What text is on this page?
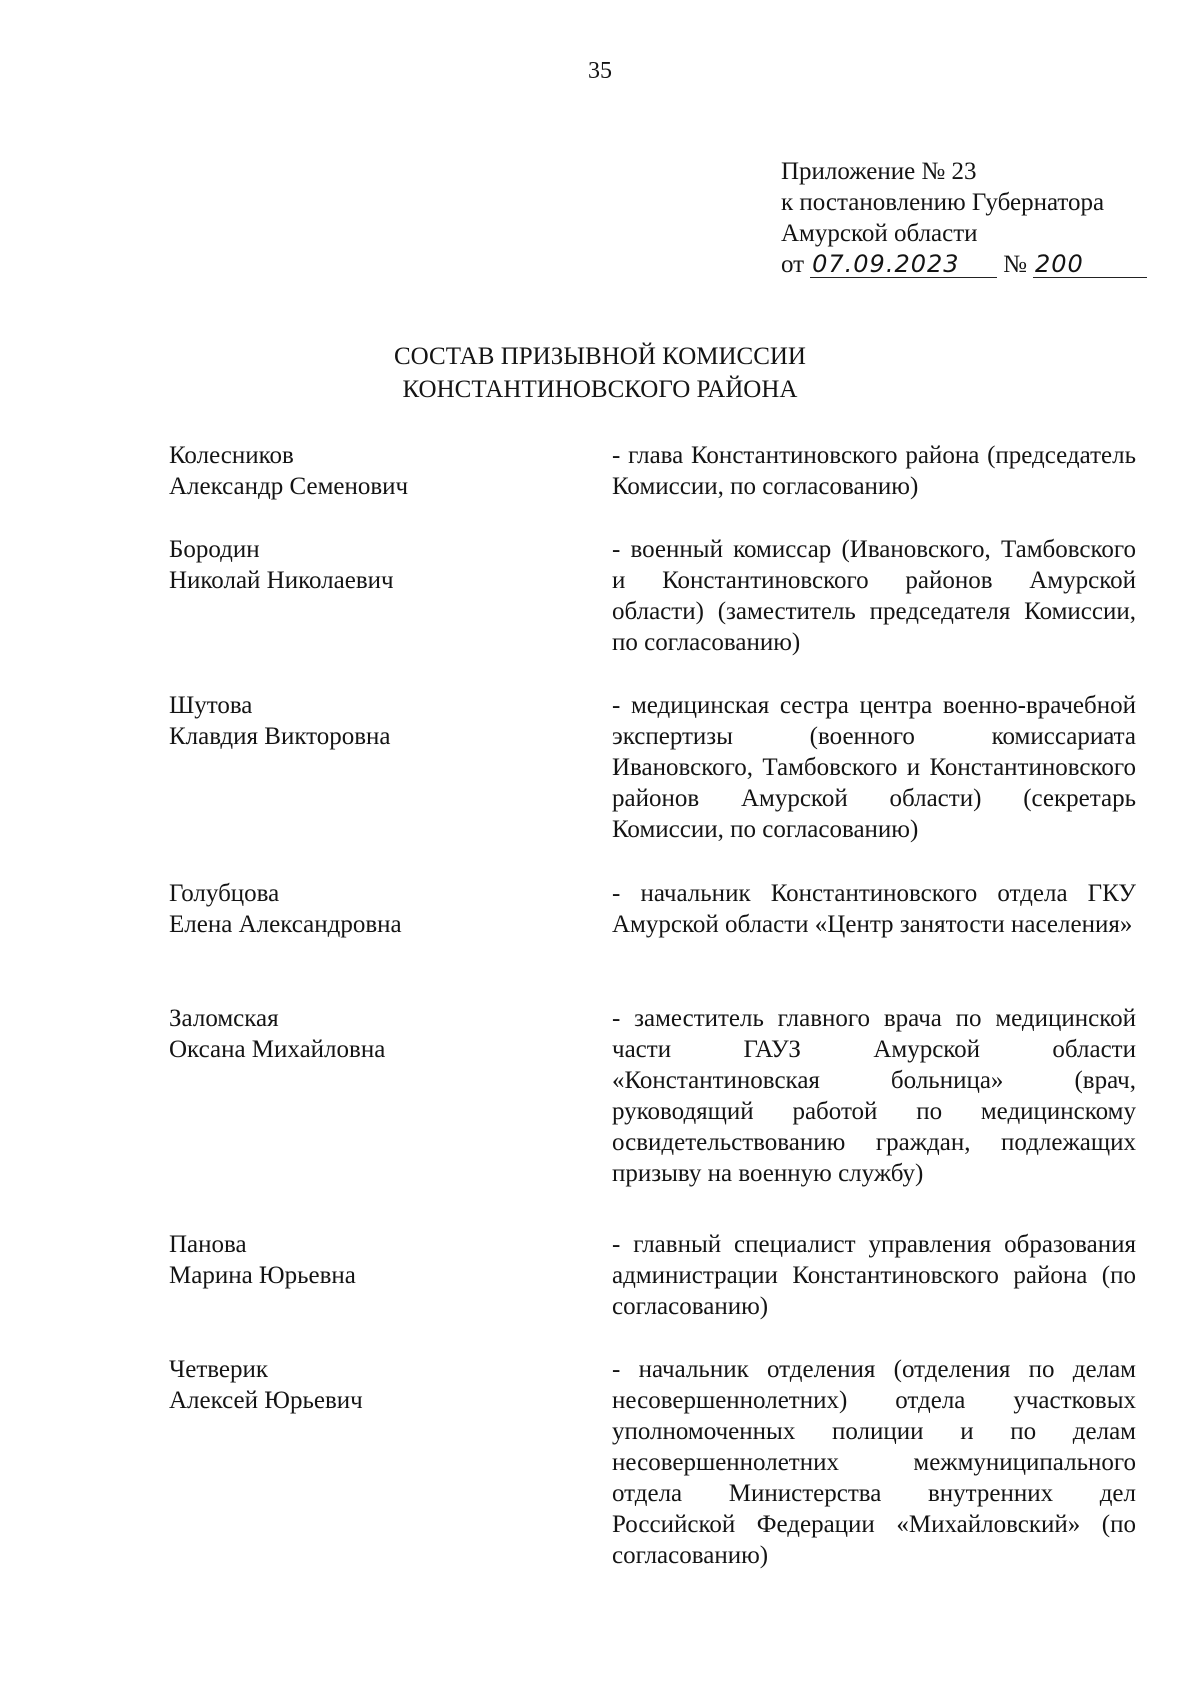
35
Приложение № 23
к постановлению Губернатора
Амурской области
от 07.09.2023	№ 200
СОСТАВ ПРИЗЫВНОЙ КОМИССИИ
КОНСТАНТИНОВСКОГО РАЙОНА
Колесников
Александр Семенович
- глава Константиновского района (председатель Комиссии, по согласованию)
Бородин
Николай Николаевич
- военный комиссар (Ивановского, Тамбовского и Константиновского районов Амурской области) (заместитель председателя Комиссии, по согласованию)
Шутова
Клавдия Викторовна
- медицинская сестра центра военно-врачебной экспертизы (военного комиссариата Ивановского, Тамбовского и Константиновского районов Амурской области) (секретарь Комиссии, по согласованию)
Голубцова
Елена Александровна
- начальник Константиновского отдела ГКУ Амурской области «Центр занятости населения»
Заломская
Оксана Михайловна
- заместитель главного врача по медицинской части ГАУЗ Амурской области «Константиновская больница» (врач, руководящий работой по медицинскому освидетельствованию граждан, подлежащих призыву на военную службу)
Панова
Марина Юрьевна
- главный специалист управления образования администрации Константиновского района (по согласованию)
Четверик
Алексей Юрьевич
- начальник отделения (отделения по делам несовершеннолетних) отдела участковых уполномоченных полиции и по делам несовершеннолетних межмуниципального отдела Министерства внутренних дел Российской Федерации «Михайловский» (по согласованию)
